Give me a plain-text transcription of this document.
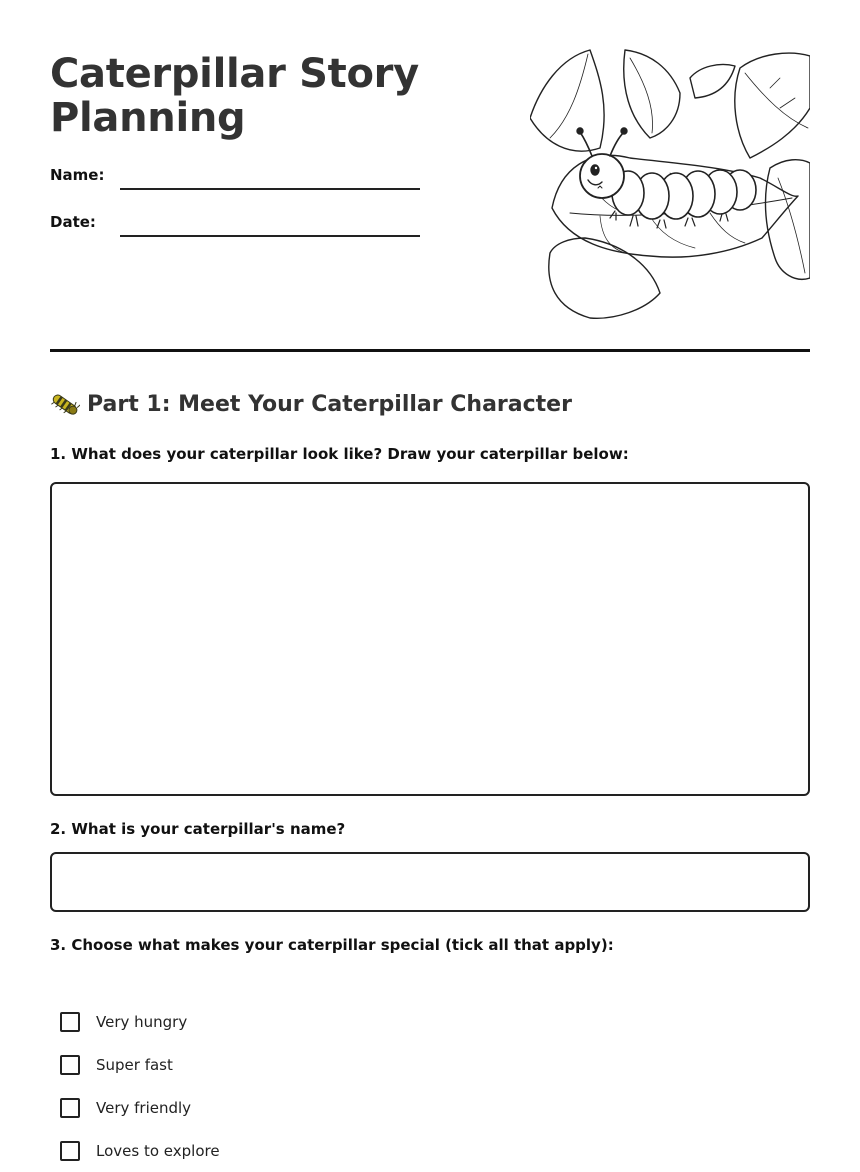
Caterpillar Story
Planning
Name:
Date:
Part 1: Meet Your Caterpillar Character
1. What does your caterpillar look like? Draw your caterpillar below:
2. What is your caterpillar's name?
3. Choose what makes your caterpillar special (tick all that apply):
Very hungry
Super fast
Very friendly
Loves to explore
